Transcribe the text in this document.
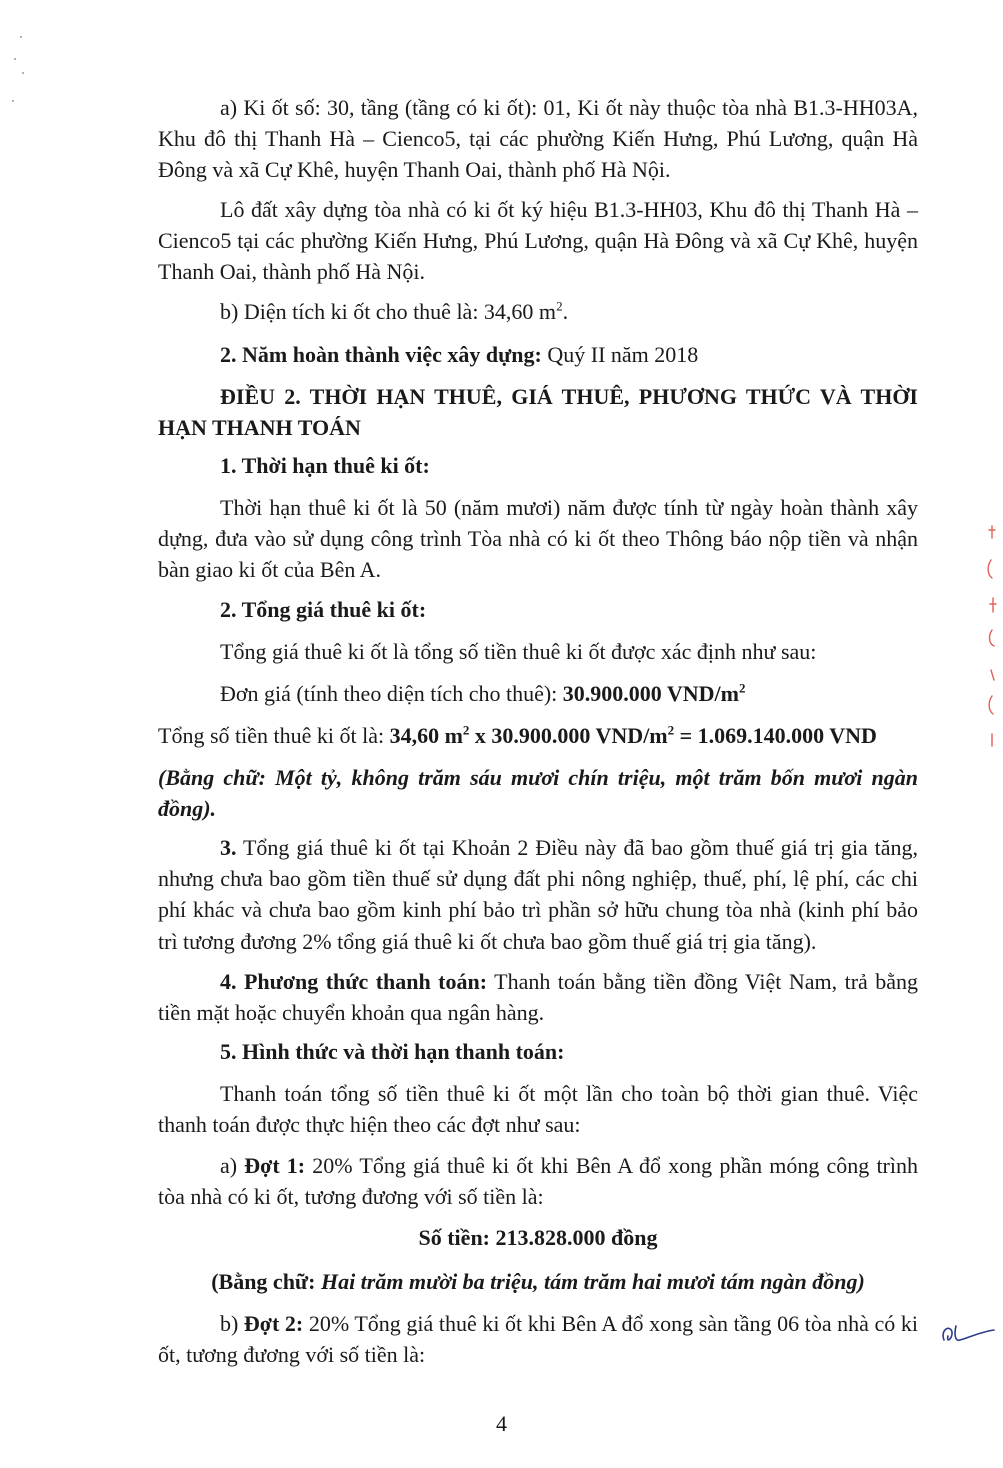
a) Ki ốt số: 30, tầng (tầng có ki ốt): 01, Ki ốt này thuộc tòa nhà B1.3-HH03A, Khu đô thị Thanh Hà – Cienco5, tại các phường Kiến Hưng, Phú Lương, quận Hà Đông và xã Cự Khê, huyện Thanh Oai, thành phố Hà Nội.

Lô đất xây dựng tòa nhà có ki ốt ký hiệu B1.3-HH03, Khu đô thị Thanh Hà – Cienco5 tại các phường Kiến Hưng, Phú Lương, quận Hà Đông và xã Cự Khê, huyện Thanh Oai, thành phố Hà Nội.

b) Diện tích ki ốt cho thuê là: 34,60 $m^2$.

2. Năm hoàn thành việc xây dựng: Quý II năm 2018

ĐIỀU 2. THỜI HẠN THUÊ, GIÁ THUÊ, PHƯƠNG THỨC VÀ THỜI HẠN THANH TOÁN

1. Thời hạn thuê ki ốt:

Thời hạn thuê ki ốt là 50 (năm mươi) năm được tính từ ngày hoàn thành xây dựng, đưa vào sử dụng công trình Tòa nhà có ki ốt theo Thông báo nộp tiền và nhận bàn giao ki ốt của Bên A.

2. Tổng giá thuê ki ốt:

Tổng giá thuê ki ốt là tổng số tiền thuê ki ốt được xác định như sau:

Đơn giá (tính theo diện tích cho thuê): 30.900.000 VND/$m^2$

Tổng số tiền thuê ki ốt là: 34,60 $m^2$ x 30.900.000 VND/$m^2 = 1.069.140.000$ VND

(Bằng chữ: Một tỷ, không trăm sáu mươi chín triệu, một trăm bốn mươi ngàn đồng).

3. Tổng giá thuê ki ốt tại Khoản 2 Điều này đã bao gồm thuế giá trị gia tăng, nhưng chưa bao gồm tiền thuế sử dụng đất phi nông nghiệp, thuế, phí, lệ phí, các chi phí khác và chưa bao gồm kinh phí bảo trì phần sở hữu chung tòa nhà (kinh phí bảo trì tương đương 2% tổng giá thuê ki ốt chưa bao gồm thuế giá trị gia tăng).

4. Phương thức thanh toán: Thanh toán bằng tiền đồng Việt Nam, trả bằng tiền mặt hoặc chuyển khoản qua ngân hàng.

5. Hình thức và thời hạn thanh toán:

Thanh toán tổng số tiền thuê ki ốt một lần cho toàn bộ thời gian thuê. Việc thanh toán được thực hiện theo các đợt như sau:

a) Đợt 1: 20% Tổng giá thuê ki ốt khi Bên A đổ xong phần móng công trình tòa nhà có ki ốt, tương đương với số tiền là:

Số tiền: 213.828.000 đồng

(Bằng chữ: Hai trăm mười ba triệu, tám trăm hai mươi tám ngàn đồng)

b) Đợt 2: 20% Tổng giá thuê ki ốt khi Bên A đổ xong sàn tầng 06 tòa nhà có ki ốt, tương đương với số tiền là:

4
